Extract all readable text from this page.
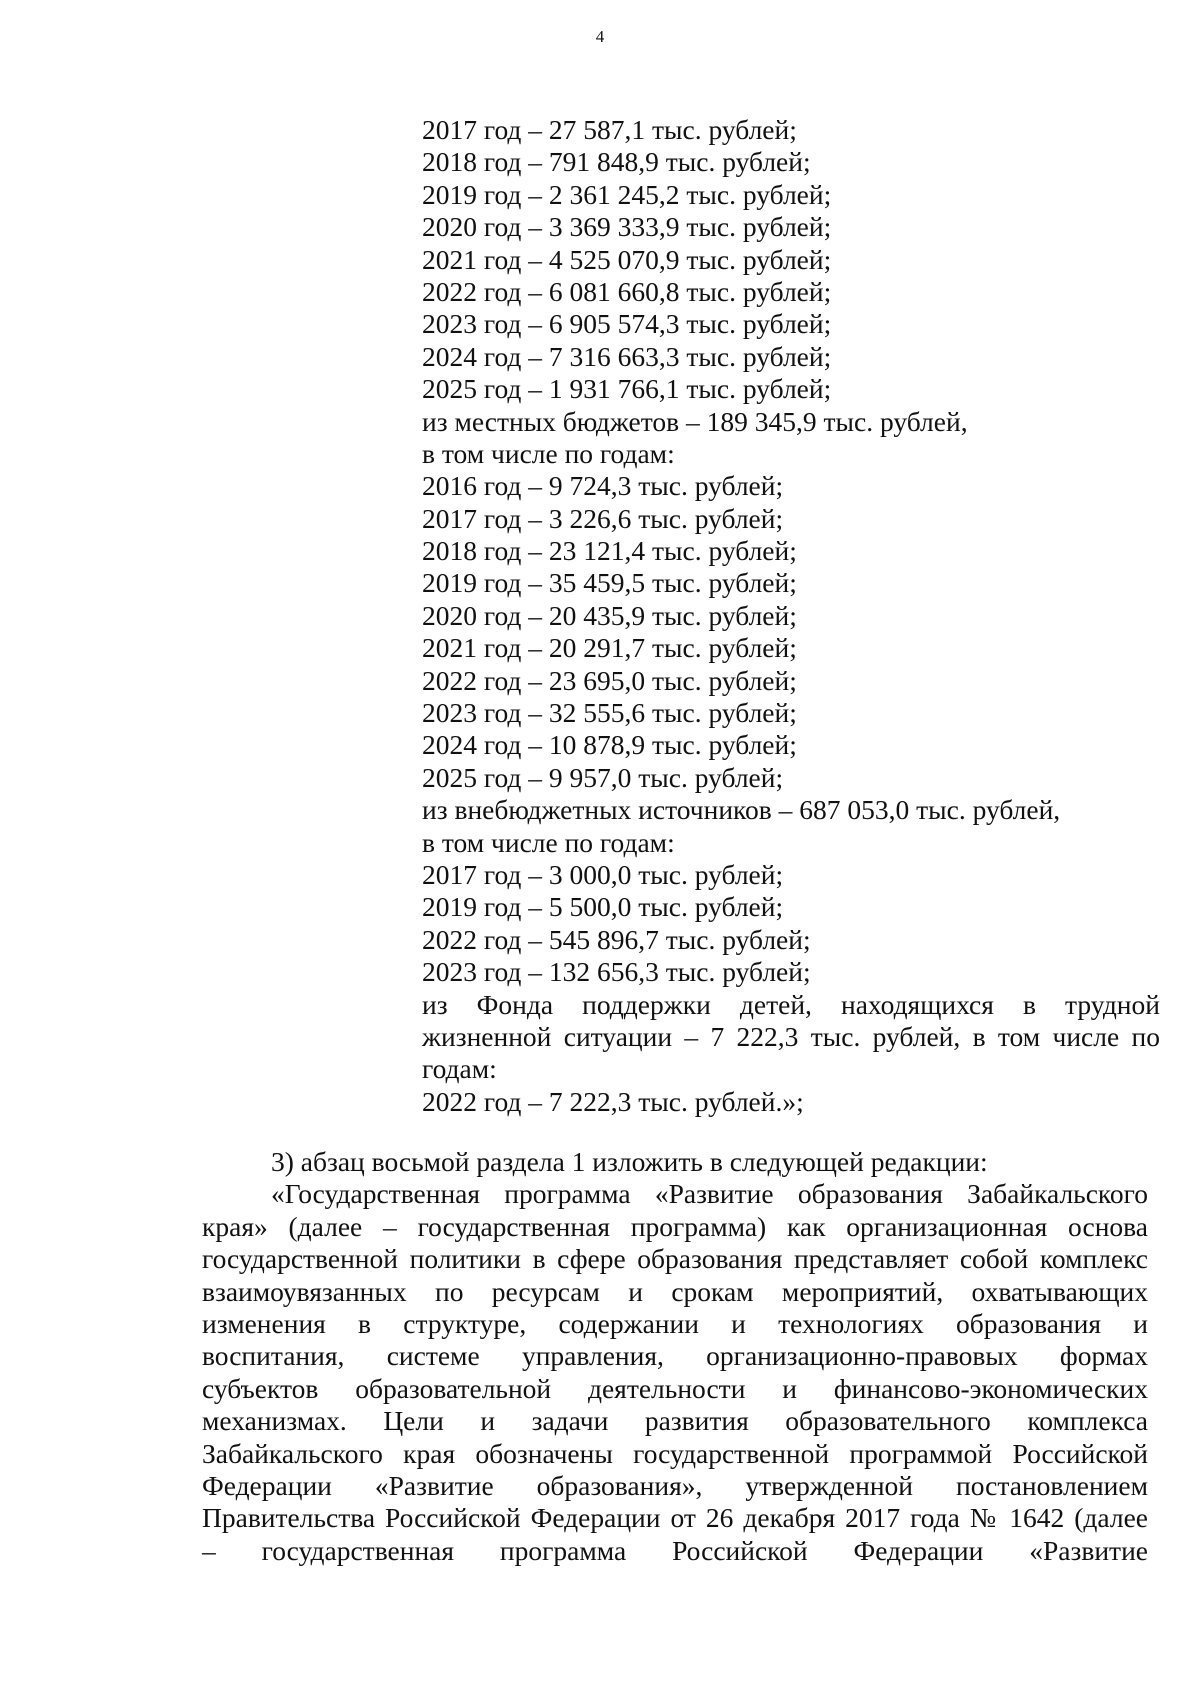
4
2017 год – 27 587,1 тыс. рублей;
2018 год – 791 848,9 тыс. рублей;
2019 год – 2 361 245,2 тыс. рублей;
2020 год – 3 369 333,9 тыс. рублей;
2021 год – 4 525 070,9 тыс. рублей;
2022 год – 6 081 660,8 тыс. рублей;
2023 год – 6 905 574,3 тыс. рублей;
2024 год – 7 316 663,3 тыс. рублей;
2025 год – 1 931 766,1 тыс. рублей;
из местных бюджетов – 189 345,9 тыс. рублей,
в том числе по годам:
2016 год – 9 724,3 тыс. рублей;
2017 год – 3 226,6 тыс. рублей;
2018 год – 23 121,4 тыс. рублей;
2019 год – 35 459,5 тыс. рублей;
2020 год – 20 435,9 тыс. рублей;
2021 год – 20 291,7 тыс. рублей;
2022 год – 23 695,0 тыс. рублей;
2023 год – 32 555,6 тыс. рублей;
2024 год – 10 878,9 тыс. рублей;
2025 год – 9 957,0 тыс. рублей;
из внебюджетных источников – 687 053,0 тыс. рублей,
в том числе по годам:
2017 год – 3 000,0 тыс. рублей;
2019 год – 5 500,0 тыс. рублей;
2022 год – 545 896,7 тыс. рублей;
2023 год – 132 656,3 тыс. рублей;
из Фонда поддержки детей, находящихся в трудной
жизненной ситуации – 7 222,3 тыс. рублей, в том числе по
годам:
2022 год – 7 222,3 тыс. рублей.»;
3) абзац восьмой раздела 1 изложить в следующей редакции:
«Государственная программа «Развитие образования Забайкальского
края» (далее – государственная программа) как организационная основа
государственной политики в сфере образования представляет собой комплекс
взаимоувязанных по ресурсам и срокам мероприятий, охватывающих
изменения в структуре, содержании и технологиях образования и
воспитания, системе управления, организационно-правовых формах
субъектов образовательной деятельности и финансово-экономических
механизмах. Цели и задачи развития образовательного комплекса
Забайкальского края обозначены государственной программой Российской
Федерации «Развитие образования», утвержденной постановлением
Правительства Российской Федерации от 26 декабря 2017 года № 1642 (далее
– государственная программа Российской Федерации «Развитие
